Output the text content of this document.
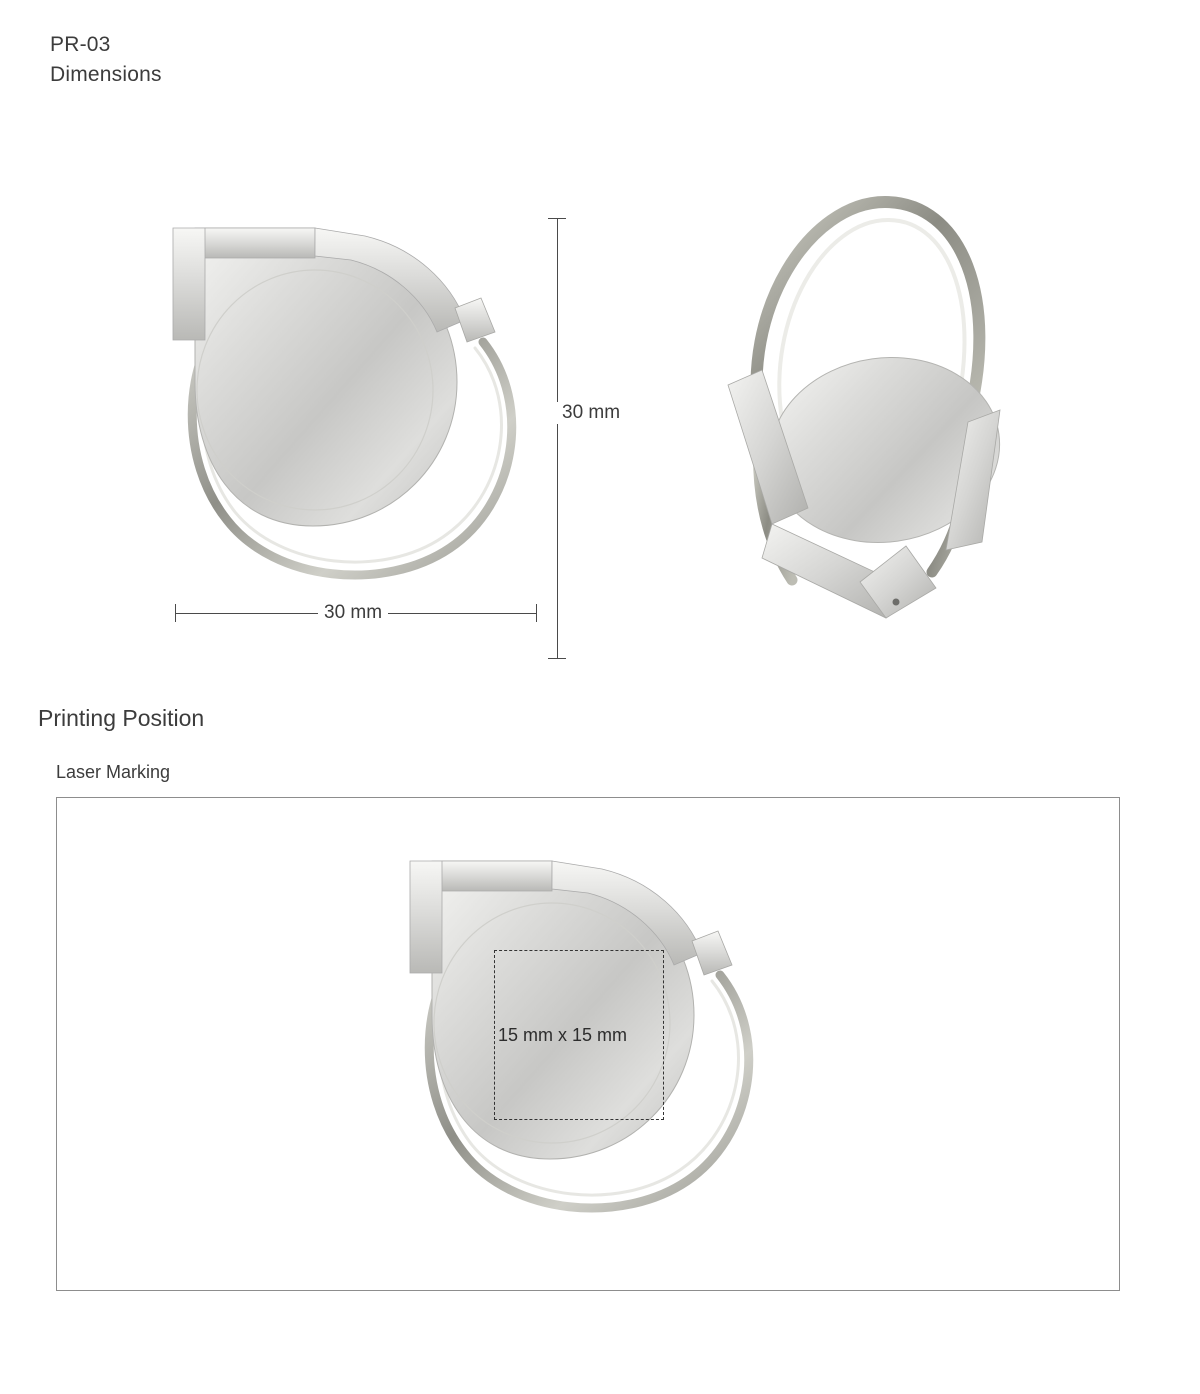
PR-03
Dimensions
30 mm
30 mm
Printing Position
Laser Marking
15 mm x 15 mm
